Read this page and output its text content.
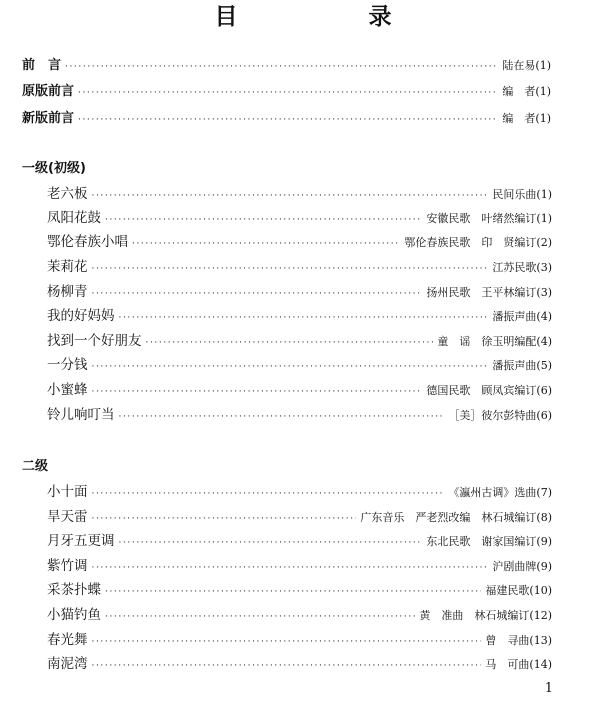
目　录
前　言 ·····	陆在易 (1)
原版前言 ·····	编　者 (1)
新版前言 ·····	编　者 (1)
一级(初级)
老六板 ·····	民间乐曲 (1)
凤阳花鼓 ·····	安徽民歌　叶绪然编订 (1)
鄂伦春族小唱 ·····	鄂伦春族民歌　印　贤编订 (2)
茉莉花 ·····	江苏民歌 (3)
杨柳青 ·····	扬州民歌　王平林编订 (3)
我的好妈妈 ·····	潘振声曲 (4)
找到一个好朋友 ·····	童　谣　徐玉明编配 (4)
一分钱 ·····	潘振声曲 (5)
小蜜蜂 ·····	德国民歌　顾凤宾编订 (6)
铃儿响叮当 ·····	［美］彼尔彭特曲 (6)
二级
小十面 ·····	《瀛州古调》选曲 (7)
旱天雷 ·····	广东音乐　严老烈改编　林石城编订 (8)
月牙五更调 ·····	东北民歌　谢家国编订 (9)
紫竹调 ·····	沪剧曲牌 (9)
采茶扑蝶 ·····	福建民歌 (10)
小猫钓鱼 ·····	黄　准曲　林石城编订 (12)
春光舞 ·····	曾　寻曲 (13)
南泥湾 ·····	马　可曲 (14)
1
